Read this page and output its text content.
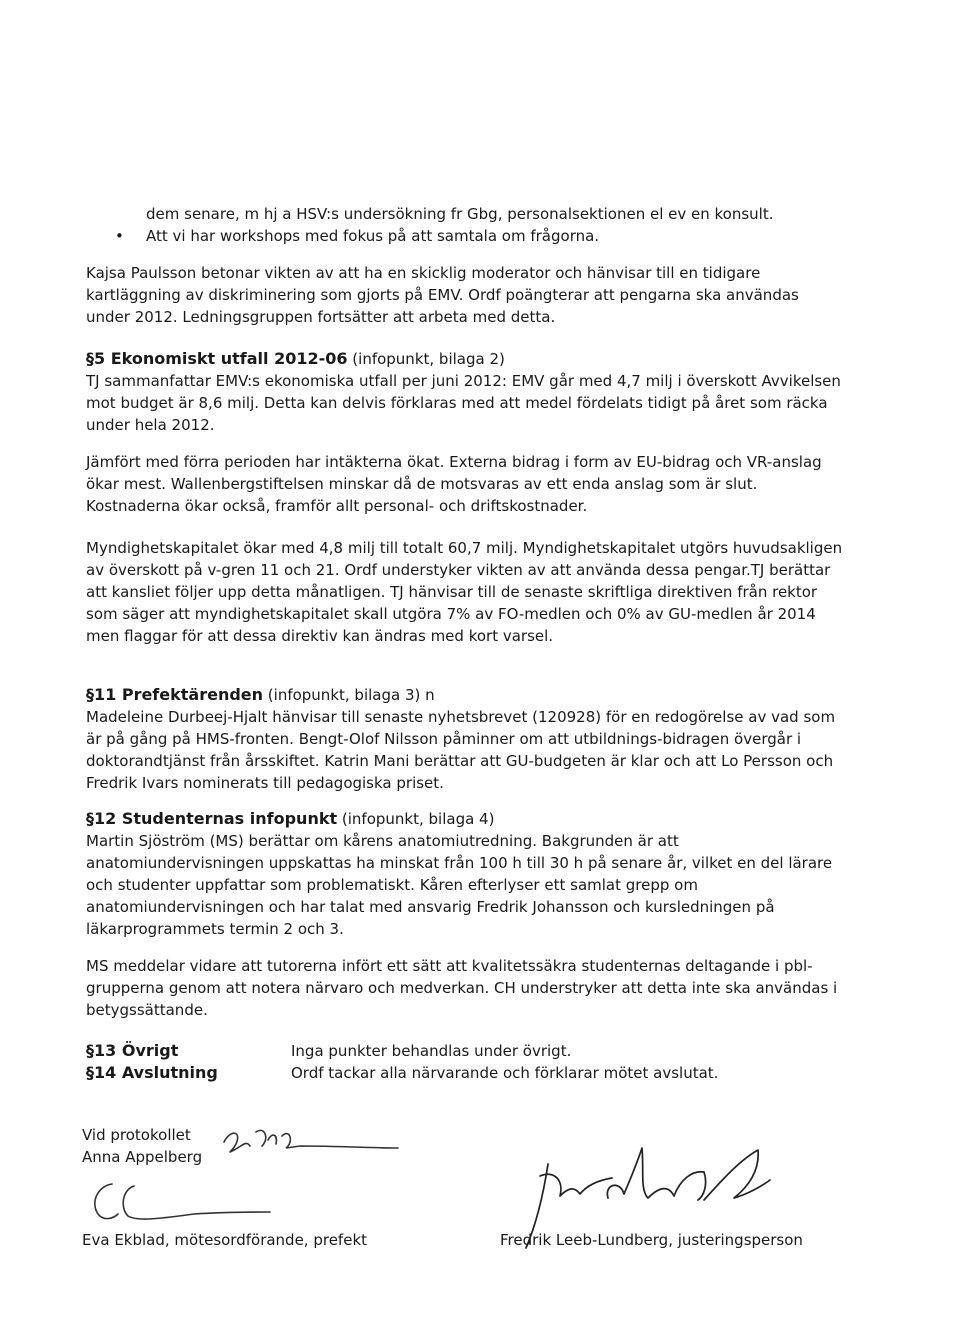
dem senare, m hj a HSV:s undersökning fr Gbg, personalsektionen el ev en konsult.

• Att vi har workshops med fokus på att samtala om frågorna.

Kajsa Paulsson betonar vikten av att ha en skicklig moderator och hänvisar till en tidigare kartläggning av diskriminering som gjorts på EMV. Ordf poängterar att pengarna ska användas under 2012. Ledningsgruppen fortsätter att arbeta med detta.

§5 Ekonomiskt utfall 2012-06 (infopunkt, bilaga 2)
TJ sammanfattar EMV:s ekonomiska utfall per juni 2012: EMV går med 4,7 milj i överskott Avvikelsen mot budget är 8,6 milj. Detta kan delvis förklaras med att medel fördelats tidigt på året som räcka under hela 2012.

Jämfört med förra perioden har intäkterna ökat. Externa bidrag i form av EU-bidrag och VR-anslag ökar mest. Wallenbergstiftelsen minskar då de motsvaras av ett enda anslag som är slut. Kostnaderna ökar också, framför allt personal- och driftskostnader.

Myndighetskapitalet ökar med 4,8 milj till totalt 60,7 milj. Myndighetskapitalet utgörs huvudsakligen av överskott på v-gren 11 och 21. Ordf understyker vikten av att använda dessa pengar.TJ berättar att kansliet följer upp detta månatligen. TJ hänvisar till de senaste skriftliga direktiven från rektor som säger att myndighetskapitalet skall utgöra 7% av FO-medlen och 0% av GU-medlen år 2014 men flaggar för att dessa direktiv kan ändras med kort varsel.

§11 Prefektärenden (infopunkt, bilaga 3) n
Madeleine Durbeej-Hjalt hänvisar till senaste nyhetsbrevet (120928) för en redogörelse av vad som är på gång på HMS-fronten. Bengt-Olof Nilsson påminner om att utbildnings-bidragen övergår i doktorandtjänst från årsskiftet. Katrin Mani berättar att GU-budgeten är klar och att Lo Persson och Fredrik Ivars nominerats till pedagogiska priset.
§12 Studenternas infopunkt (infopunkt, bilaga 4)
Martin Sjöström (MS) berättar om kårens anatomiutredning. Bakgrunden är att anatomiundervisningen uppskattas ha minskat från 100 h till 30 h på senare år, vilket en del lärare och studenter uppfattar som problematiskt. Kåren efterlyser ett samlat grepp om anatomiundervisningen och har talat med ansvarig Fredrik Johansson och kursledningen på läkarprogrammets termin 2 och 3.

MS meddelar vidare att tutorerna infört ett sätt att kvalitetssäkra studenternas deltagande i pbl-grupperna genom att notera närvaro och medverkan. CH understryker att detta inte ska användas i betygssättande.

§13 Övrigt	Inga punkter behandlas under övrigt.
§14 Avslutning	Ordf tackar alla närvarande och förklarar mötet avslutat.
Vid protokollet
Anna Appelberg
Eva Ekblad, mötesordförande, prefekt	Fredrik Leeb-Lundberg, justeringsperson
